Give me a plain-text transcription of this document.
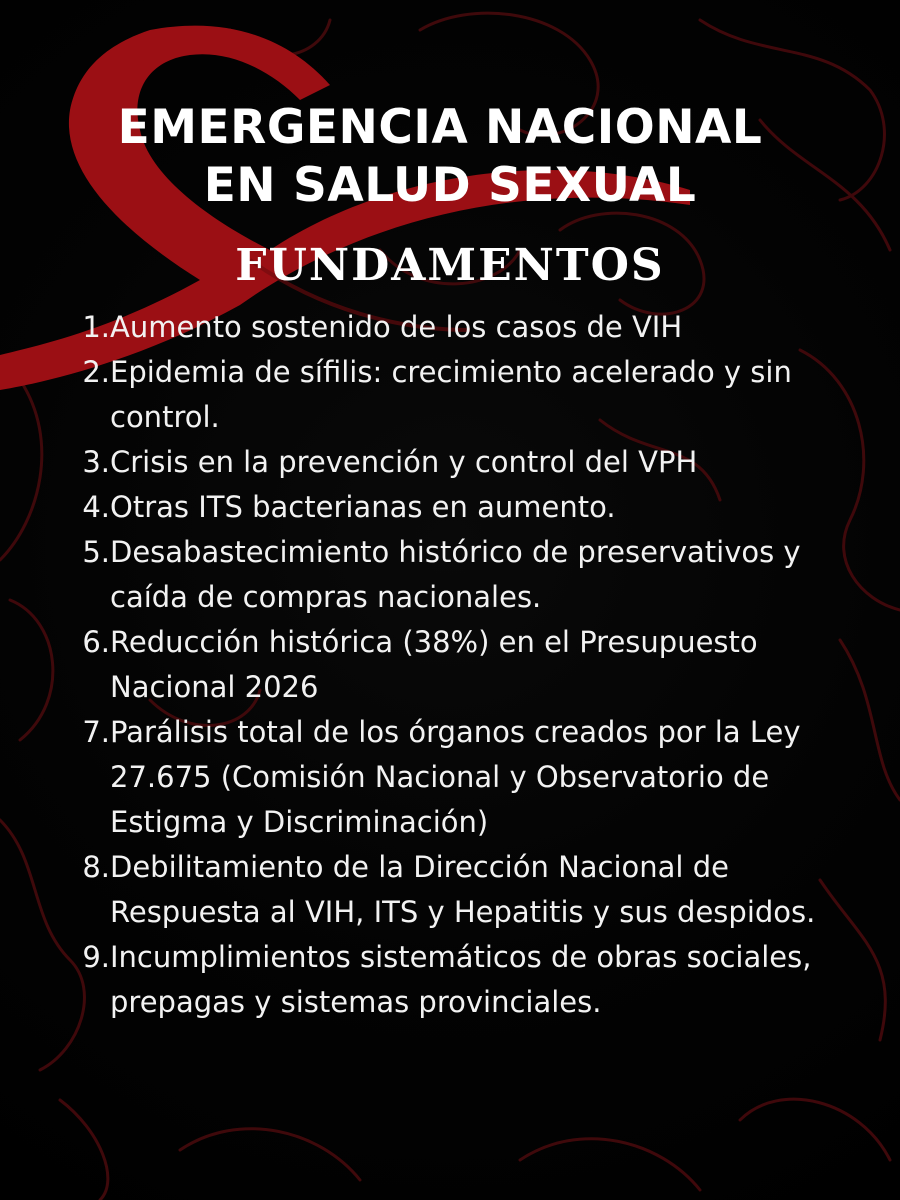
EMERGENCIA NACIONAL
EN SALUD SEXUAL
FUNDAMENTOS
1. Aumento sostenido de los casos de VIH
2. Epidemia de sífilis: crecimiento acelerado y sin control.
3. Crisis en la prevención y control del VPH
4. Otras ITS bacterianas en aumento.
5. Desabastecimiento histórico de preservativos y caída de compras nacionales.
6. Reducción histórica (38%) en el Presupuesto Nacional 2026
7. Parálisis total de los órganos creados por la Ley 27.675 (Comisión Nacional y Observatorio de Estigma y Discriminación)
8. Debilitamiento de la Dirección Nacional de Respuesta al VIH, ITS y Hepatitis y sus despidos.
9. Incumplimientos sistemáticos de obras sociales, prepagas y sistemas provinciales.
